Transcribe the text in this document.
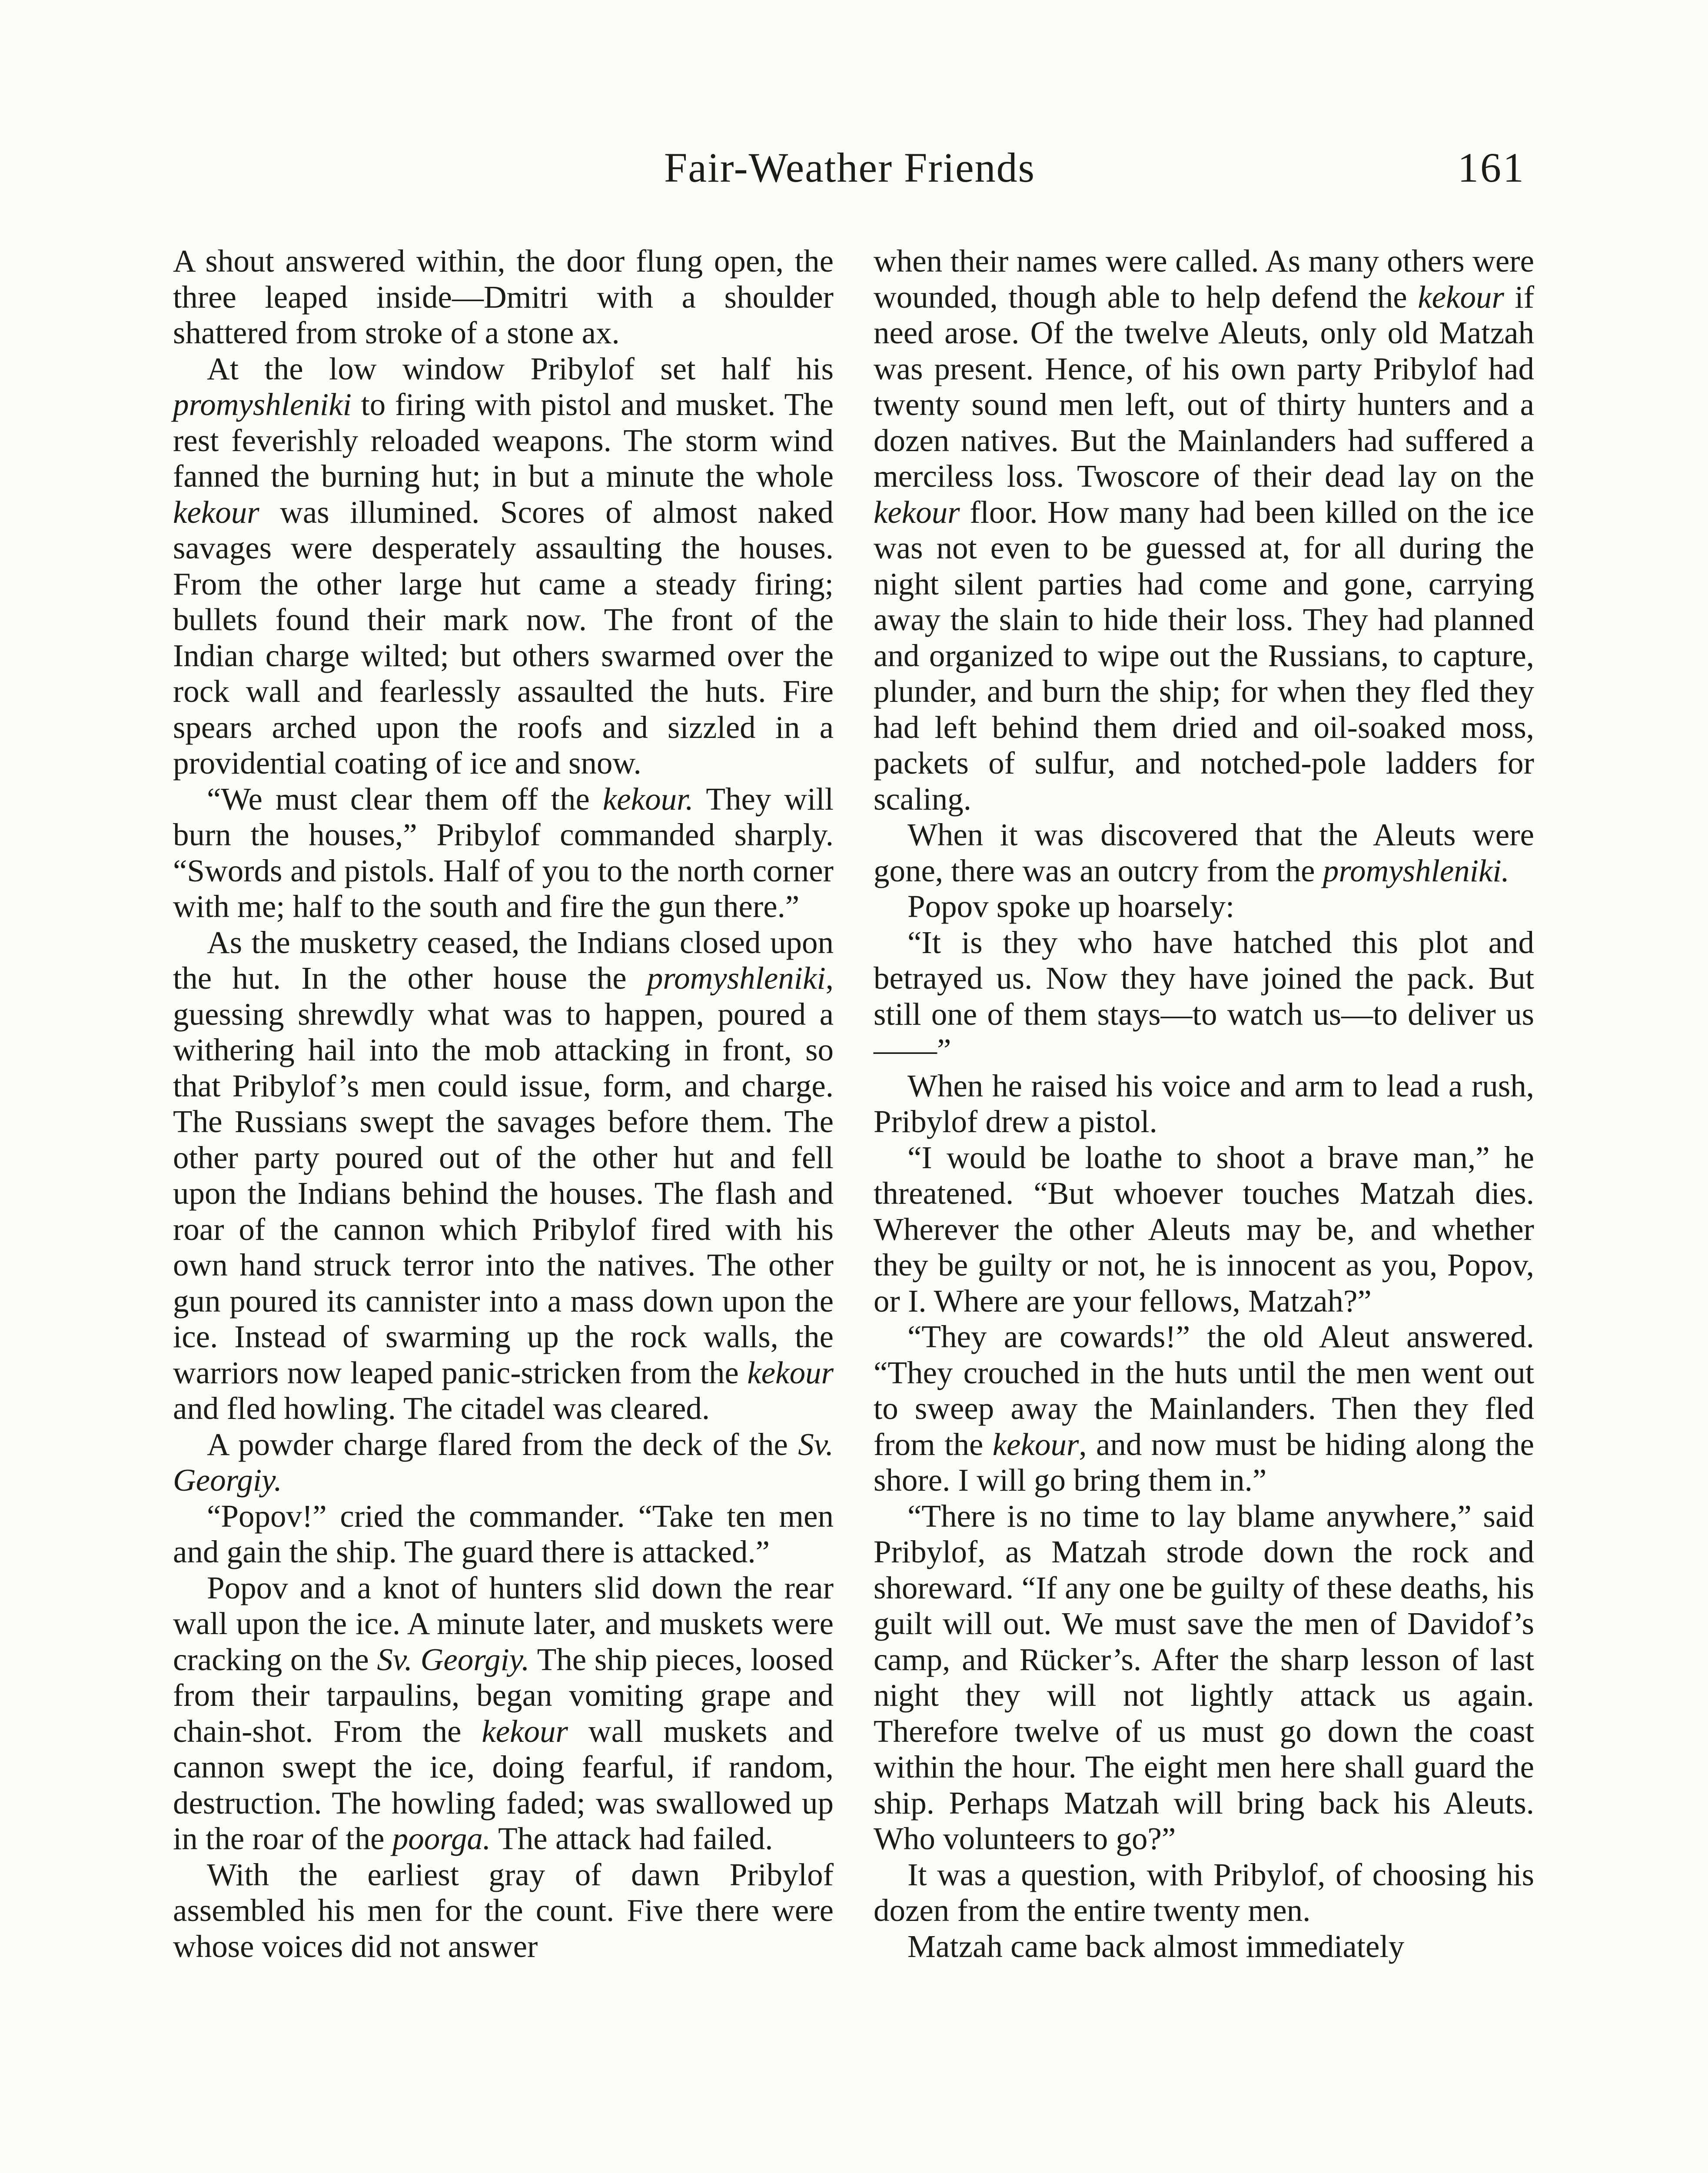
Fair-Weather Friends	161

A shout answered within, the door flung open, the three leaped inside—Dmitri with a shoulder shattered from stroke of a stone ax.

At the low window Pribylof set half his promyshleniki to firing with pistol and musket. The rest feverishly reloaded weapons. The storm wind fanned the burning hut; in but a minute the whole kekour was illumined. Scores of almost naked savages were desperately assaulting the houses. From the other large hut came a steady firing; bullets found their mark now. The front of the Indian charge wilted; but others swarmed over the rock wall and fearlessly assaulted the huts. Fire spears arched upon the roofs and sizzled in a providential coating of ice and snow.

“We must clear them off the kekour. They will burn the houses,” Pribylof commanded sharply. “Swords and pistols. Half of you to the north corner with me; half to the south and fire the gun there.”

As the musketry ceased, the Indians closed upon the hut. In the other house the promyshleniki, guessing shrewdly what was to happen, poured a withering hail into the mob attacking in front, so that Pribylof’s men could issue, form, and charge. The Russians swept the savages before them. The other party poured out of the other hut and fell upon the Indians behind the houses. The flash and roar of the cannon which Pribylof fired with his own hand struck terror into the natives. The other gun poured its cannister into a mass down upon the ice. Instead of swarming up the rock walls, the warriors now leaped panic-stricken from the kekour and fled howling. The citadel was cleared.

A powder charge flared from the deck of the Sv. Georgiy.

“Popov!” cried the commander. “Take ten men and gain the ship. The guard there is attacked.”

Popov and a knot of hunters slid down the rear wall upon the ice. A minute later, and muskets were cracking on the Sv. Georgiy. The ship pieces, loosed from their tarpaulins, began vomiting grape and chain-shot. From the kekour wall muskets and cannon swept the ice, doing fearful, if random, destruction. The howling faded; was swallowed up in the roar of the poorga. The attack had failed.

With the earliest gray of dawn Pribylof assembled his men for the count. Five there were whose voices did not answer

when their names were called. As many others were wounded, though able to help defend the kekour if need arose. Of the twelve Aleuts, only old Matzah was present. Hence, of his own party Pribylof had twenty sound men left, out of thirty hunters and a dozen natives. But the Mainlanders had suffered a merciless loss. Twoscore of their dead lay on the kekour floor. How many had been killed on the ice was not even to be guessed at, for all during the night silent parties had come and gone, carrying away the slain to hide their loss. They had planned and organized to wipe out the Russians, to capture, plunder, and burn the ship; for when they fled they had left behind them dried and oil-soaked moss, packets of sulfur, and notched-pole ladders for scaling.

When it was discovered that the Aleuts were gone, there was an outcry from the promyshleniki.

Popov spoke up hoarsely:

“It is they who have hatched this plot and betrayed us. Now they have joined the pack. But still one of them stays—to watch us—to deliver us——”

When he raised his voice and arm to lead a rush, Pribylof drew a pistol.

“I would be loathe to shoot a brave man,” he threatened. “But whoever touches Matzah dies. Wherever the other Aleuts may be, and whether they be guilty or not, he is innocent as you, Popov, or I. Where are your fellows, Matzah?”

“They are cowards!” the old Aleut answered. “They crouched in the huts until the men went out to sweep away the Mainlanders. Then they fled from the kekour, and now must be hiding along the shore. I will go bring them in.”

“There is no time to lay blame anywhere,” said Pribylof, as Matzah strode down the rock and shoreward. “If any one be guilty of these deaths, his guilt will out. We must save the men of Davidof’s camp, and Rücker’s. After the sharp lesson of last night they will not lightly attack us again. Therefore twelve of us must go down the coast within the hour. The eight men here shall guard the ship. Perhaps Matzah will bring back his Aleuts. Who volunteers to go?”

It was a question, with Pribylof, of choosing his dozen from the entire twenty men.

Matzah came back almost immediately
